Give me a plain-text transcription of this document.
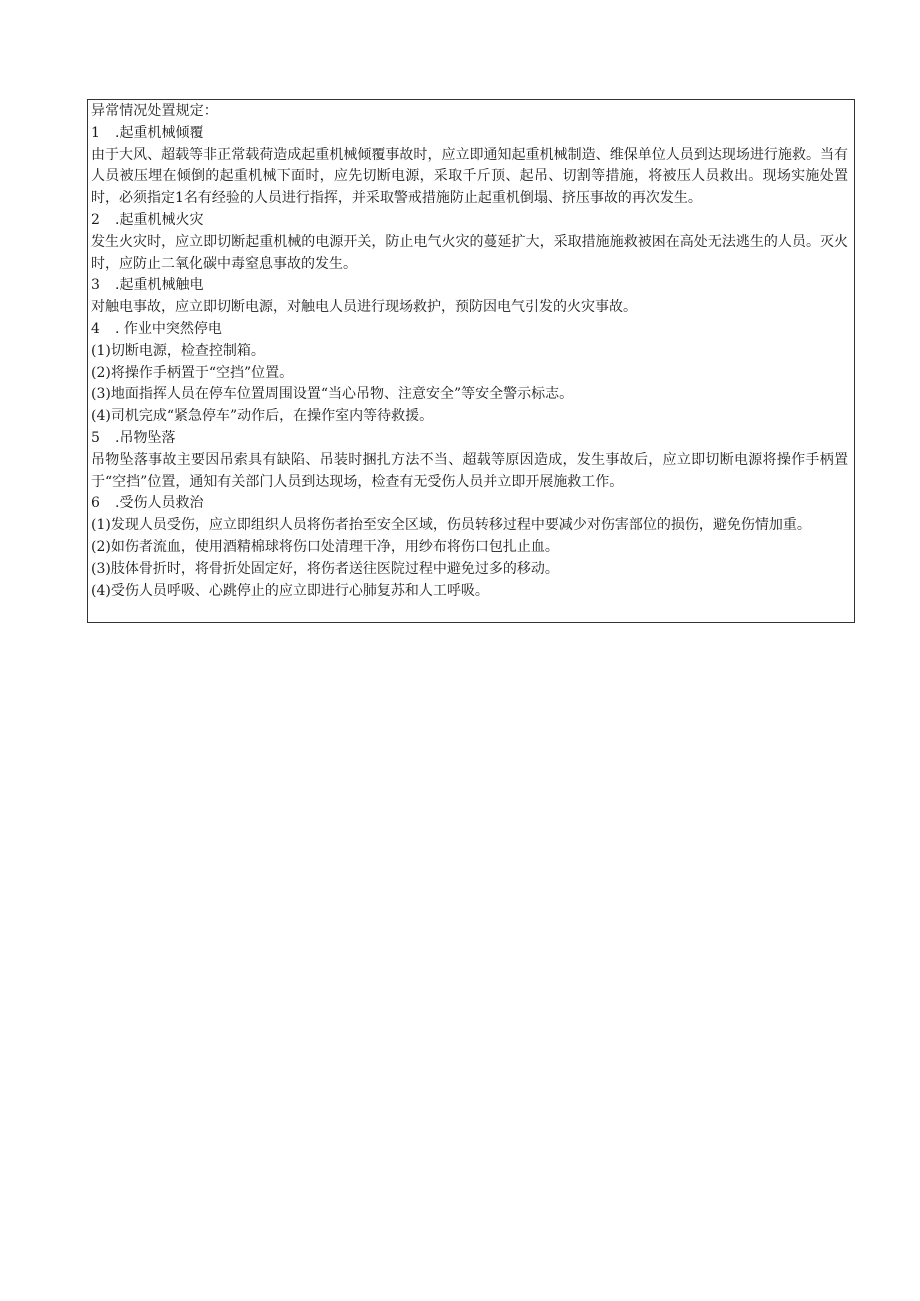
异常情况处置规定：
1 .起重机械倾覆
由于大风、超载等非正常载荷造成起重机械倾覆事故时，应立即通知起重机械制造、维保单位人员到达现场进行施救。当有人员被压埋在倾倒的起重机械下面时，应先切断电源，采取千斤顶、起吊、切割等措施，将被压人员救出。现场实施处置时，必须指定1名有经验的人员进行指挥，并采取警戒措施防止起重机倒塌、挤压事故的再次发生。
2 .起重机械火灾
发生火灾时，应立即切断起重机械的电源开关，防止电气火灾的蔓延扩大，采取措施施救被困在高处无法逃生的人员。灭火时，应防止二氧化碳中毒窒息事故的发生。
3 .起重机械触电
对触电事故，应立即切断电源，对触电人员进行现场救护，预防因电气引发的火灾事故。
4 . 作业中突然停电
(1)切断电源，检查控制箱。
(2)将操作手柄置于“空挡”位置。
(3)地面指挥人员在停车位置周围设置“当心吊物、注意安全”等安全警示标志。
(4)司机完成“紧急停车”动作后，在操作室内等待救援。
5 .吊物坠落
吊物坠落事故主要因吊索具有缺陷、吊装时捆扎方法不当、超载等原因造成，发生事故后，应立即切断电源将操作手柄置于“空挡”位置，通知有关部门人员到达现场，检查有无受伤人员并立即开展施救工作。
6 .受伤人员救治
(1)发现人员受伤，应立即组织人员将伤者抬至安全区域，伤员转移过程中要减少对伤害部位的损伤，避免伤情加重。
(2)如伤者流血，使用酒精棉球将伤口处清理干净，用纱布将伤口包扎止血。
(3)肢体骨折时，将骨折处固定好，将伤者送往医院过程中避免过多的移动。
(4)受伤人员呼吸、心跳停止的应立即进行心肺复苏和人工呼吸。
